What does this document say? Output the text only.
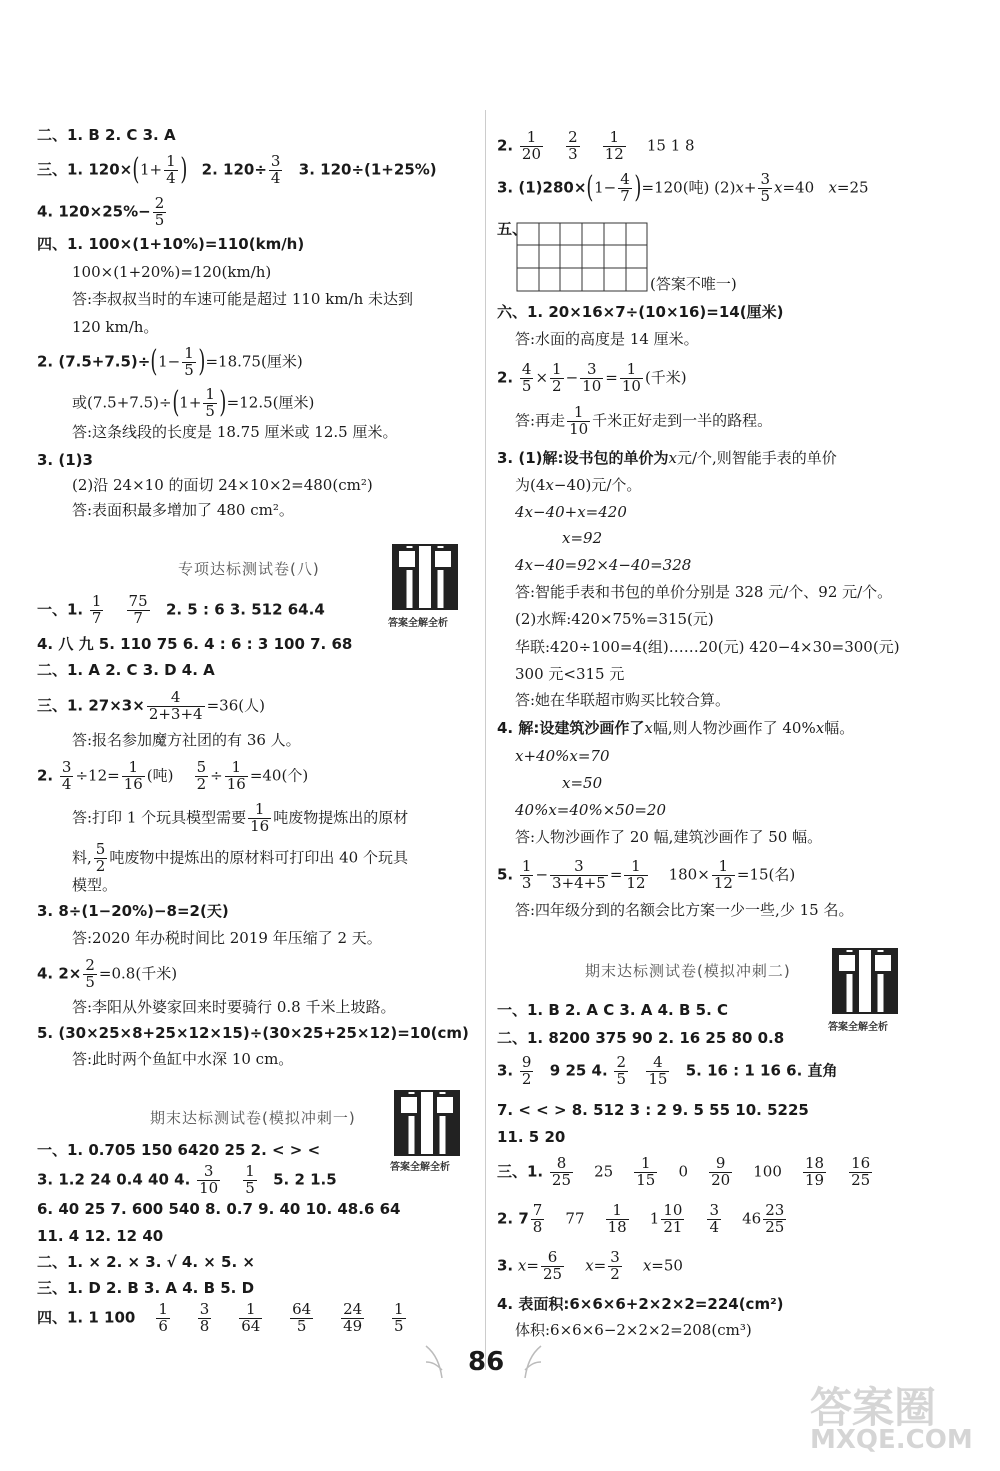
二、1. B 2. C 3. A
三、1. $120\times(1+ \frac{1}{4}$ ) 2. $120\div \frac{3}{4} 3$. 120÷(1+25%)
4. $120\times 25\%- \frac{2}{5}$
四、1. 100×(1+10%)=110(km/h)
100×(1+20%)=120(km/h)
答:李叔叔当时的车速可能是超过 110 km/h 未达到
120 km/h。
2. $(7.5+7.5)\div(1- \frac{1}{5} )=18.75$(厘米)
或$(7.5+7.5)\div(1+ \frac{1}{5} )=12.5$(厘米)
答:这条线段的长度是 18.75 厘米或 12.5 厘米。
3. (1)3
(2)沿 24×10 的面切 24×10×2=480(cm²)
答:表面积最多增加了 480 cm²。
专项达标测试卷(八)
答案全解全析
一、1. $\frac{1}{7}$
$\frac{75}{7} 2$. 5 : 6 3. 512 64.4
4. 八 九 5. 110 75 6. 4 : 6 : 3 100 7. 68
二、1. A 2. C 3. D 4. A
三、1. $27\times 3\times \frac{4}{2+3+4} =36$(人)
答:报名参加魔方社团的有 36 人。
2. $\frac{3}{4} \div 12= \frac{1}{16}$ (吨) $\frac{5}{2} \div \frac{1}{16} =40$(个)
答:打印 1 个玩具模型需要 $\frac{1}{16}$ 吨废物提炼出的原材
料, $\frac{5}{2}$ 吨废物中提炼出的原材料可打印出 40 个玩具
模型。
3. 8÷(1−20%)−8=2(天)
答:2020 年办税时间比 2019 年压缩了 2 天。
4. $2\times \frac{2}{5} =0.8$(千米)
答:李阳从外婆家回来时要骑行 0.8 千米上坡路。
5. (30×25×8+25×12×15)÷(30×25+25×12)=10(cm)
答:此时两个鱼缸中水深 10 cm。
期末达标测试卷(模拟冲刺一)
答案全解全析
一、1. 0.705 150 6420 25 2. < > <
3. 1.2 24 0.4 40 4. $\frac{3}{10}$
$\frac{1}{5} 5$. 2 1.5
6. 40 25 7. 600 540 8. 0.7 9. 40 10. 48.6 64
11. 4 12. 12 40
二、1. × 2. × 3. √ 4. × 5. ×
三、1. D 2. B 3. A 4. B 5. D
四、1. 1 $100 \frac{1}{6}$
$\frac{3}{8}$
$\frac{1}{64}$
$\frac{64}{5}$
$\frac{24}{49}$
$\frac{1}{5}$
2. $\frac{1}{20}$
$\frac{2}{3}$
$\frac{1}{12} 15$ 1 8
3. $(1)280\times(1- \frac{4}{7} )=120$(吨) $(2)x+ \frac{3}{5} x=40$ x=25
五、
(答案不唯一)
六、1. 20×16×7÷(10×16)=14(厘米)
答:水面的高度是 14 厘米。
2. $\frac{4}{5} \times \frac{1}{2} - \frac{3}{10} = \frac{1}{10}$ (千米)
答:再走 $\frac{1}{10}$ 千米正好走到一半的路程。
3. (1)解:设书包的单价为x元/个,则智能手表的单价
为(4x−40)元/个。
4x−40+x=420
x=92
4x−40=92×4−40=328
答:智能手表和书包的单价分别是 328 元/个、92 元/个。
(2)水辉:420×75%=315(元)
华联:420÷100=4(组)……20(元) 420−4×30=300(元)
300 元<315 元
答:她在华联超市购买比较合算。
4. 解:设建筑沙画作了x幅,则人物沙画作了 40%x幅。
x+40%x=70
x=50
40%x=40%×50=20
答:人物沙画作了 20 幅,建筑沙画作了 50 幅。
5. $\frac{1}{3} - \frac{3}{3+4+5} = \frac{1}{12} 180\times \frac{1}{12} =15$(名)
答:四年级分到的名额会比方案一少一些,少 15 名。
期末达标测试卷(模拟冲刺二)
答案全解全析
一、1. B 2. A C 3. A 4. B 5. C
二、1. 8200 375 90 2. 16 25 80 0.8
3. $\frac{9}{2} 9$ 25 4. $\frac{2}{5}$
$\frac{4}{15} 5$. 16 : 1 16 6. 直角
7. < < > 8. 512 3 : 2 9. 5 55 10. 5225
11. 5 20
三、1. $\frac{8}{25} 25 \frac{1}{15} 0 \frac{9}{20} 100 \frac{18}{19}$
$\frac{16}{25}$
2. $7 \frac{7}{8} 77 \frac{1}{18} 1 \frac{10}{21}$
$\frac{3}{4} 46 \frac{23}{25}$
3. $x= \frac{6}{25} x= \frac{3}{2} x=50$
4. 表面积:6×6×6+2×2×2=224(cm²)
体积:6×6×6−2×2×2=208(cm³)
86
答案圈
MXQE.COM
